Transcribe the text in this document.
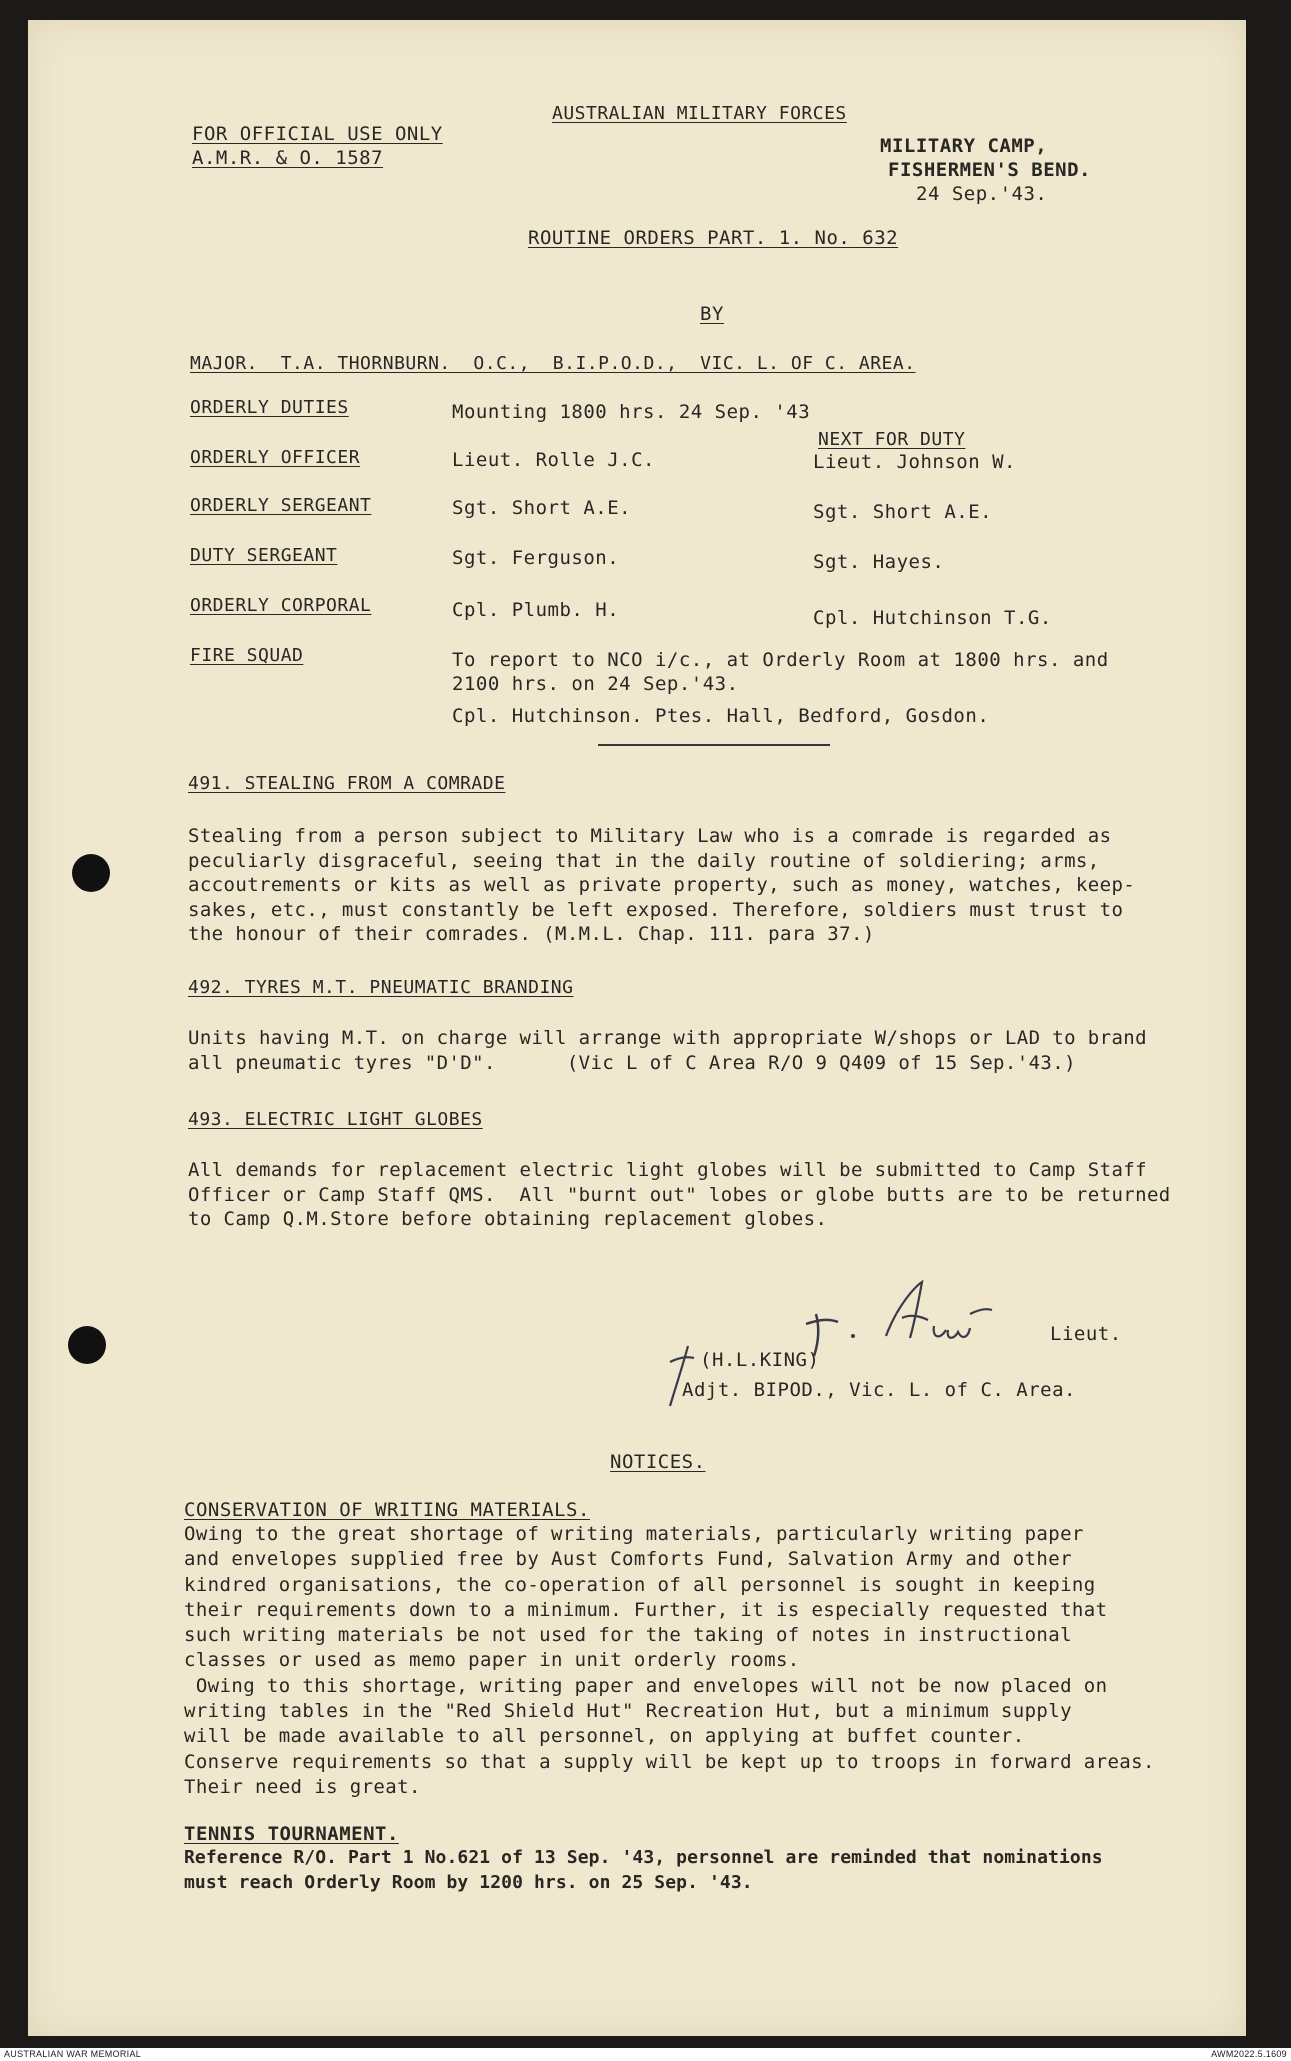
FOR OFFICIAL USE ONLY
A.M.R. & O. 1587
AUSTRALIAN MILITARY FORCES
MILITARY CAMP,
FISHERMEN'S BEND.
24 Sep.'43.
ROUTINE ORDERS PART. 1. No. 632
BY
MAJOR.  T.A. THORNBURN.  O.C.,  B.I.P.O.D.,  VIC. L. OF C. AREA.
ORDERLY DUTIES	Mounting 1800 hrs. 24 Sep. '43
NEXT FOR DUTY
ORDERLY OFFICER	Lieut. Rolle J.C.	Lieut. Johnson W.
ORDERLY SERGEANT	Sgt. Short A.E.	Sgt. Short A.E.
DUTY SERGEANT	Sgt. Ferguson.	Sgt. Hayes.
ORDERLY CORPORAL	Cpl. Plumb. H.	Cpl. Hutchinson T.G.
FIRE SQUAD	To report to NCO i/c., at Orderly Room at 1800 hrs. and
2100 hrs. on 24 Sep.'43.
Cpl. Hutchinson. Ptes. Hall, Bedford, Gosdon.
491. STEALING FROM A COMRADE
Stealing from a person subject to Military Law who is a comrade is regarded as
peculiarly disgraceful, seeing that in the daily routine of soldiering; arms,
accoutrements or kits as well as private property, such as money, watches, keep-
sakes, etc., must constantly be left exposed. Therefore, soldiers must trust to
the honour of their comrades. (M.M.L. Chap. 111. para 37.)
492. TYRES M.T. PNEUMATIC BRANDING
Units having M.T. on charge will arrange with appropriate W/shops or LAD to brand
all pneumatic tyres "D'D".      (Vic L of C Area R/O 9 Q409 of 15 Sep.'43.)
493. ELECTRIC LIGHT GLOBES
All demands for replacement electric light globes will be submitted to Camp Staff
Officer or Camp Staff QMS.  All "burnt out" lobes or globe butts are to be returned
to Camp Q.M.Store before obtaining replacement globes.
Lieut.
(H.L.KING)
Adjt. BIPOD., Vic. L. of C. Area.
NOTICES.
CONSERVATION OF WRITING MATERIALS.
Owing to the great shortage of writing materials, particularly writing paper
and envelopes supplied free by Aust Comforts Fund, Salvation Army and other
kindred organisations, the co-operation of all personnel is sought in keeping
their requirements down to a minimum. Further, it is especially requested that
such writing materials be not used for the taking of notes in instructional
classes or used as memo paper in unit orderly rooms.
Owing to this shortage, writing paper and envelopes will not be now placed on
writing tables in the "Red Shield Hut" Recreation Hut, but a minimum supply
will be made available to all personnel, on applying at buffet counter.
Conserve requirements so that a supply will be kept up to troops in forward areas.
Their need is great.
TENNIS TOURNAMENT.
Reference R/O. Part 1 No.621 of 13 Sep. '43, personnel are reminded that nominations
must reach Orderly Room by 1200 hrs. on 25 Sep. '43.
AUSTRALIAN WAR MEMORIAL	AWM2022.5.1609
